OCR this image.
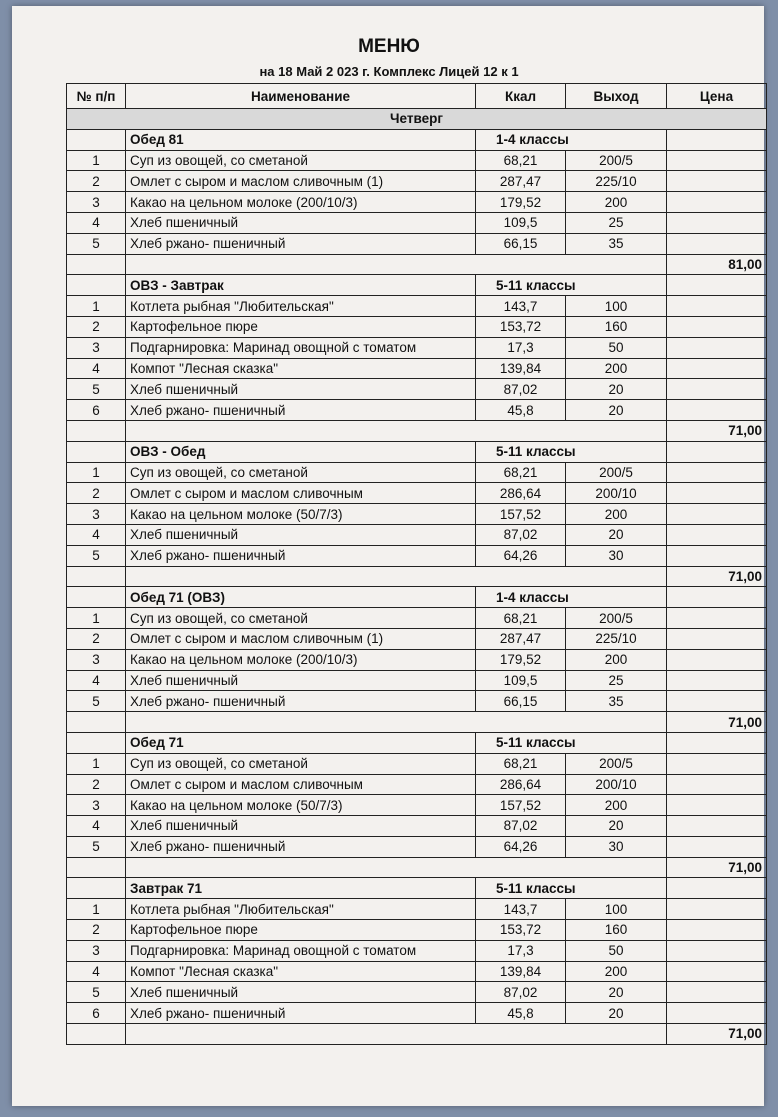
МЕНЮ
на 18 Май 2 023 г. Комплекс Лицей 12 к 1
№ п/п	Наименование	Ккал	Выход	Цена
Четверг				
	Обед 81	1-4 классы		
1	Суп из овощей, со сметаной	68,21	200/5	
2	Омлет с сыром и маслом сливочным (1)	287,47	225/10	
3	Какао на цельном молоке (200/10/3)	179,52	200	
4	Хлеб пшеничный	109,5	25	
5	Хлеб ржано- пшеничный	66,15	35	
				81,00
	ОВЗ - Завтрак	5-11 классы		
1	Котлета рыбная "Любительская"	143,7	100	
2	Картофельное пюре	153,72	160	
3	Подгарнировка: Маринад овощной с томатом	17,3	50	
4	Компот "Лесная сказка"	139,84	200	
5	Хлеб пшеничный	87,02	20	
6	Хлеб ржано- пшеничный	45,8	20	
				71,00
	ОВЗ - Обед	5-11 классы		
1	Суп из овощей, со сметаной	68,21	200/5	
2	Омлет с сыром и маслом сливочным	286,64	200/10	
3	Какао на цельном молоке (50/7/3)	157,52	200	
4	Хлеб пшеничный	87,02	20	
5	Хлеб ржано- пшеничный	64,26	30	
				71,00
	Обед 71 (ОВЗ)	1-4 классы		
1	Суп из овощей, со сметаной	68,21	200/5	
2	Омлет с сыром и маслом сливочным (1)	287,47	225/10	
3	Какао на цельном молоке (200/10/3)	179,52	200	
4	Хлеб пшеничный	109,5	25	
5	Хлеб ржано- пшеничный	66,15	35	
				71,00
	Обед 71	5-11 классы		
1	Суп из овощей, со сметаной	68,21	200/5	
2	Омлет с сыром и маслом сливочным	286,64	200/10	
3	Какао на цельном молоке (50/7/3)	157,52	200	
4	Хлеб пшеничный	87,02	20	
5	Хлеб ржано- пшеничный	64,26	30	
				71,00
	Завтрак 71	5-11 классы		
1	Котлета рыбная "Любительская"	143,7	100	
2	Картофельное пюре	153,72	160	
3	Подгарнировка: Маринад овощной с томатом	17,3	50	
4	Компот "Лесная сказка"	139,84	200	
5	Хлеб пшеничный	87,02	20	
6	Хлеб ржано- пшеничный	45,8	20	
				71,00
